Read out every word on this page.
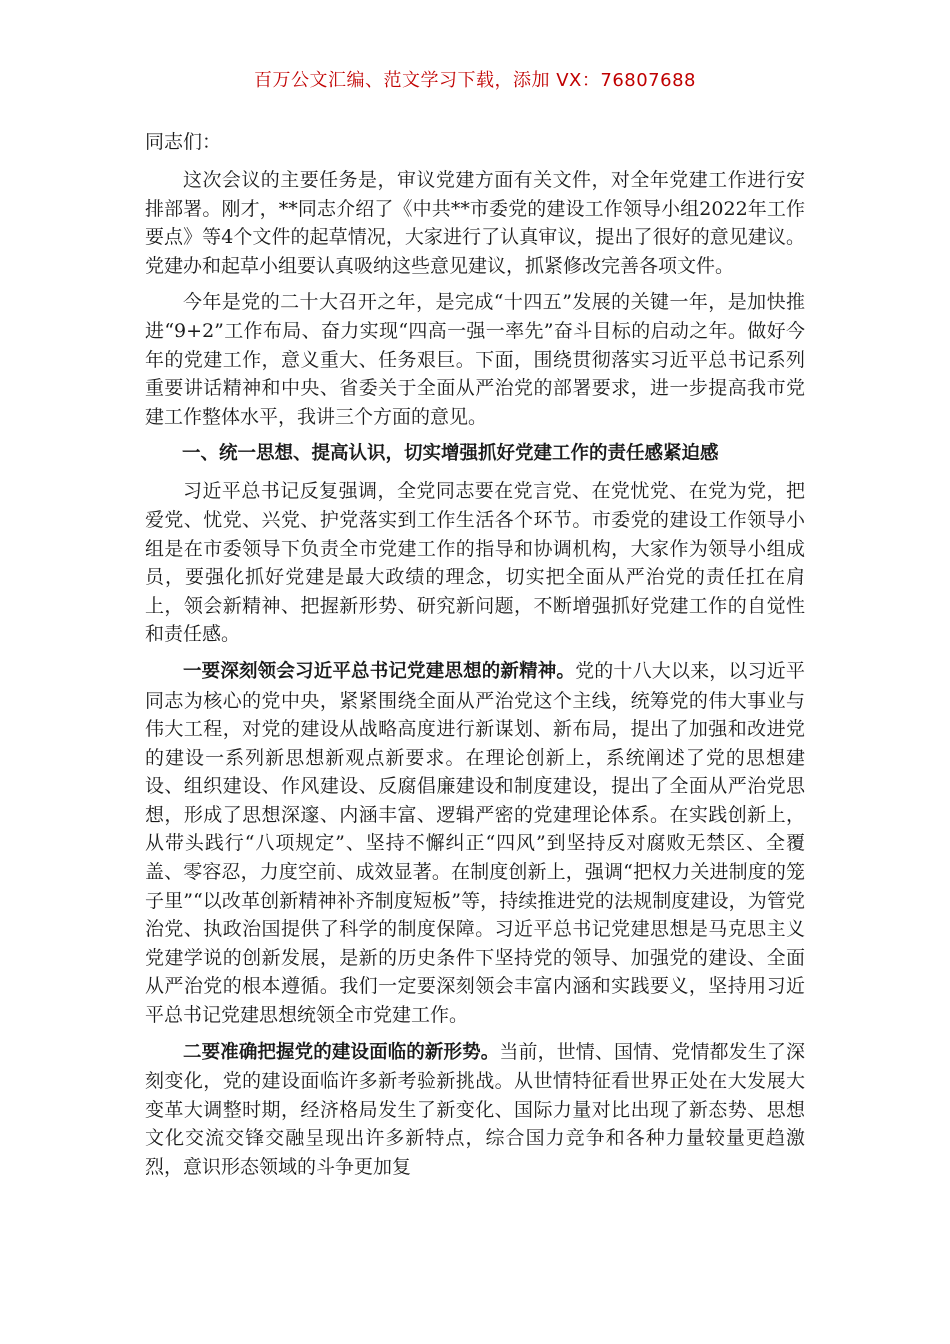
百万公文汇编、范文学习下载，添加 VX：76807688

同志们：

这次会议的主要任务是，审议党建方面有关文件，对全年党建工作进行安排部署。刚才，**同志介绍了《中共**市委党的建设工作领导小组2022年工作要点》等4个文件的起草情况，大家进行了认真审议，提出了很好的意见建议。党建办和起草小组要认真吸纳这些意见建议，抓紧修改完善各项文件。

今年是党的二十大召开之年，是完成“十四五”发展的关键一年，是加快推进“9+2”工作布局、奋力实现“四高一强一率先”奋斗目标的启动之年。做好今年的党建工作，意义重大、任务艰巨。下面，围绕贯彻落实习近平总书记系列重要讲话精神和中央、省委关于全面从严治党的部署要求，进一步提高我市党建工作整体水平，我讲三个方面的意见。

一、统一思想、提高认识，切实增强抓好党建工作的责任感紧迫感

习近平总书记反复强调，全党同志要在党言党、在党忧党、在党为党，把爱党、忧党、兴党、护党落实到工作生活各个环节。市委党的建设工作领导小组是在市委领导下负责全市党建工作的指导和协调机构，大家作为领导小组成员，要强化抓好党建是最大政绩的理念，切实把全面从严治党的责任扛在肩上，领会新精神、把握新形势、研究新问题，不断增强抓好党建工作的自觉性和责任感。

一要深刻领会习近平总书记党建思想的新精神。党的十八大以来，以习近平同志为核心的党中央，紧紧围绕全面从严治党这个主线，统筹党的伟大事业与伟大工程，对党的建设从战略高度进行新谋划、新布局，提出了加强和改进党的建设一系列新思想新观点新要求。在理论创新上，系统阐述了党的思想建设、组织建设、作风建设、反腐倡廉建设和制度建设，提出了全面从严治党思想，形成了思想深邃、内涵丰富、逻辑严密的党建理论体系。在实践创新上，从带头践行“八项规定”、坚持不懈纠正“四风”到坚持反对腐败无禁区、全覆盖、零容忍，力度空前、成效显著。在制度创新上，强调“把权力关进制度的笼子里”“以改革创新精神补齐制度短板”等，持续推进党的法规制度建设，为管党治党、执政治国提供了科学的制度保障。习近平总书记党建思想是马克思主义党建学说的创新发展，是新的历史条件下坚持党的领导、加强党的建设、全面从严治党的根本遵循。我们一定要深刻领会丰富内涵和实践要义，坚持用习近平总书记党建思想统领全市党建工作。

二要准确把握党的建设面临的新形势。当前，世情、国情、党情都发生了深刻变化，党的建设面临许多新考验新挑战。从世情特征看世界正处在大发展大变革大调整时期，经济格局发生了新变化、国际力量对比出现了新态势、思想文化交流交锋交融呈现出许多新特点，综合国力竞争和各种力量较量更趋激烈，意识形态领域的斗争更加复
